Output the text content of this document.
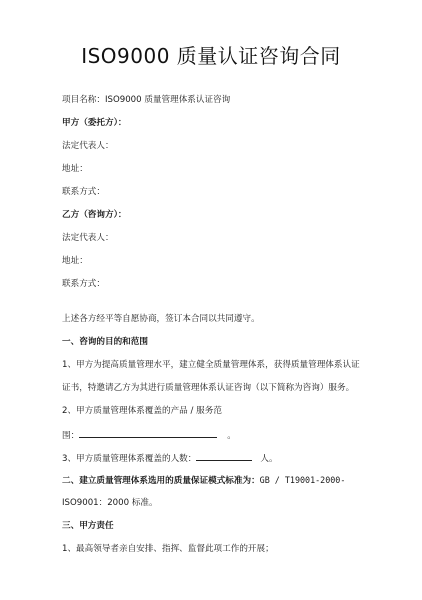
ISO9000 质量认证咨询合同
项目名称：ISO9000 质量管理体系认证咨询
甲方（委托方）：
法定代表人：
地址：
联系方式：
乙方（咨询方）：
法定代表人：
地址：
联系方式：
上述各方经平等自愿协商，签订本合同以共同遵守。
一、咨询的目的和范围
1、甲方为提高质量管理水平，建立健全质量管理体系，获得质量管理体系认证
证书，特邀请乙方为其进行质量管理体系认证咨询（以下简称为咨询）服务。
2、甲方质量管理体系覆盖的产品 / 服务范
围：	。
3、甲方质量管理体系覆盖的人数：	人。
二、建立质量管理体系选用的质量保证模式标准为：GB / T19001-2000-
ISO9001：2000 标准。
三、甲方责任
1、最高领导者亲自安排、指挥、监督此项工作的开展；
